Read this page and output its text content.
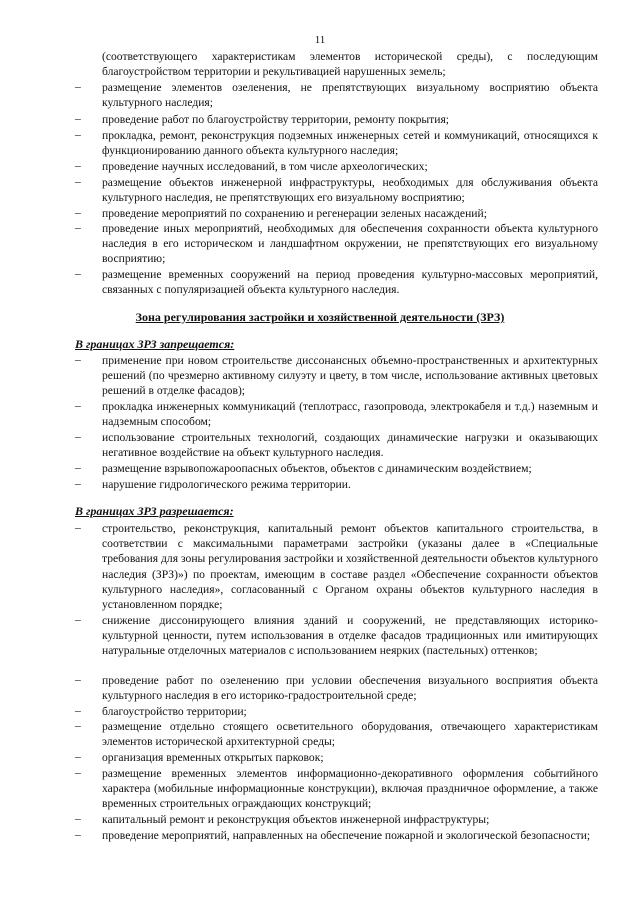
11
(соответствующего характеристикам элементов исторической среды), с последующим благоустройством территории и рекультивацией нарушенных земель;
– размещение элементов озеленения, не препятствующих визуальному восприятию объекта культурного наследия;
– проведение работ по благоустройству территории, ремонту покрытия;
– прокладка, ремонт, реконструкция подземных инженерных сетей и коммуникаций, относящихся к функционированию данного объекта культурного наследия;
– проведение научных исследований, в том числе археологических;
– размещение объектов инженерной инфраструктуры, необходимых для обслуживания объекта культурного наследия, не препятствующих его визуальному восприятию;
– проведение мероприятий по сохранению и регенерации зеленых насаждений;
– проведение иных мероприятий, необходимых для обеспечения сохранности объекта культурного наследия в его историческом и ландшафтном окружении, не препятствующих его визуальному восприятию;
– размещение временных сооружений на период проведения культурно-массовых мероприятий, связанных с популяризацией объекта культурного наследия.
Зона регулирования застройки и хозяйственной деятельности (ЗРЗ)
В границах ЗРЗ запрещается:
– применение при новом строительстве диссонансных объемно-пространственных и архитектурных решений (по чрезмерно активному силуэту и цвету, в том числе, использование активных цветовых решений в отделке фасадов);
– прокладка инженерных коммуникаций (теплотрасс, газопровода, электрокабеля и т.д.) наземным и надземным способом;
– использование строительных технологий, создающих динамические нагрузки и оказывающих негативное воздействие на объект культурного наследия.
– размещение взрывопожароопасных объектов, объектов с динамическим воздействием;
– нарушение гидрологического режима территории.
В границах ЗРЗ разрешается:
– строительство, реконструкция, капитальный ремонт объектов капитального строительства, в соответствии с максимальными параметрами застройки (указаны далее в «Специальные требования для зоны регулирования застройки и хозяйственной деятельности объектов культурного наследия (ЗРЗ)») по проектам, имеющим в составе раздел «Обеспечение сохранности объектов культурного наследия», согласованный с Органом охраны объектов культурного наследия в установленном порядке;
– снижение диссонирующего влияния зданий и сооружений, не представляющих историко-культурной ценности, путем использования в отделке фасадов традиционных или имитирующих натуральные отделочных материалов с использованием неярких (пастельных) оттенков;
– проведение работ по озеленению при условии обеспечения визуального восприятия объекта культурного наследия в его историко-градостроительной среде;
– благоустройство территории;
– размещение отдельно стоящего осветительного оборудования, отвечающего характеристикам элементов исторической архитектурной среды;
– организация временных открытых парковок;
– размещение временных элементов информационно-декоративного оформления событийного характера (мобильные информационные конструкции), включая праздничное оформление, а также временных строительных ограждающих конструкций;
– капитальный ремонт и реконструкция объектов инженерной инфраструктуры;
– проведение мероприятий, направленных на обеспечение пожарной и экологической безопасности;
